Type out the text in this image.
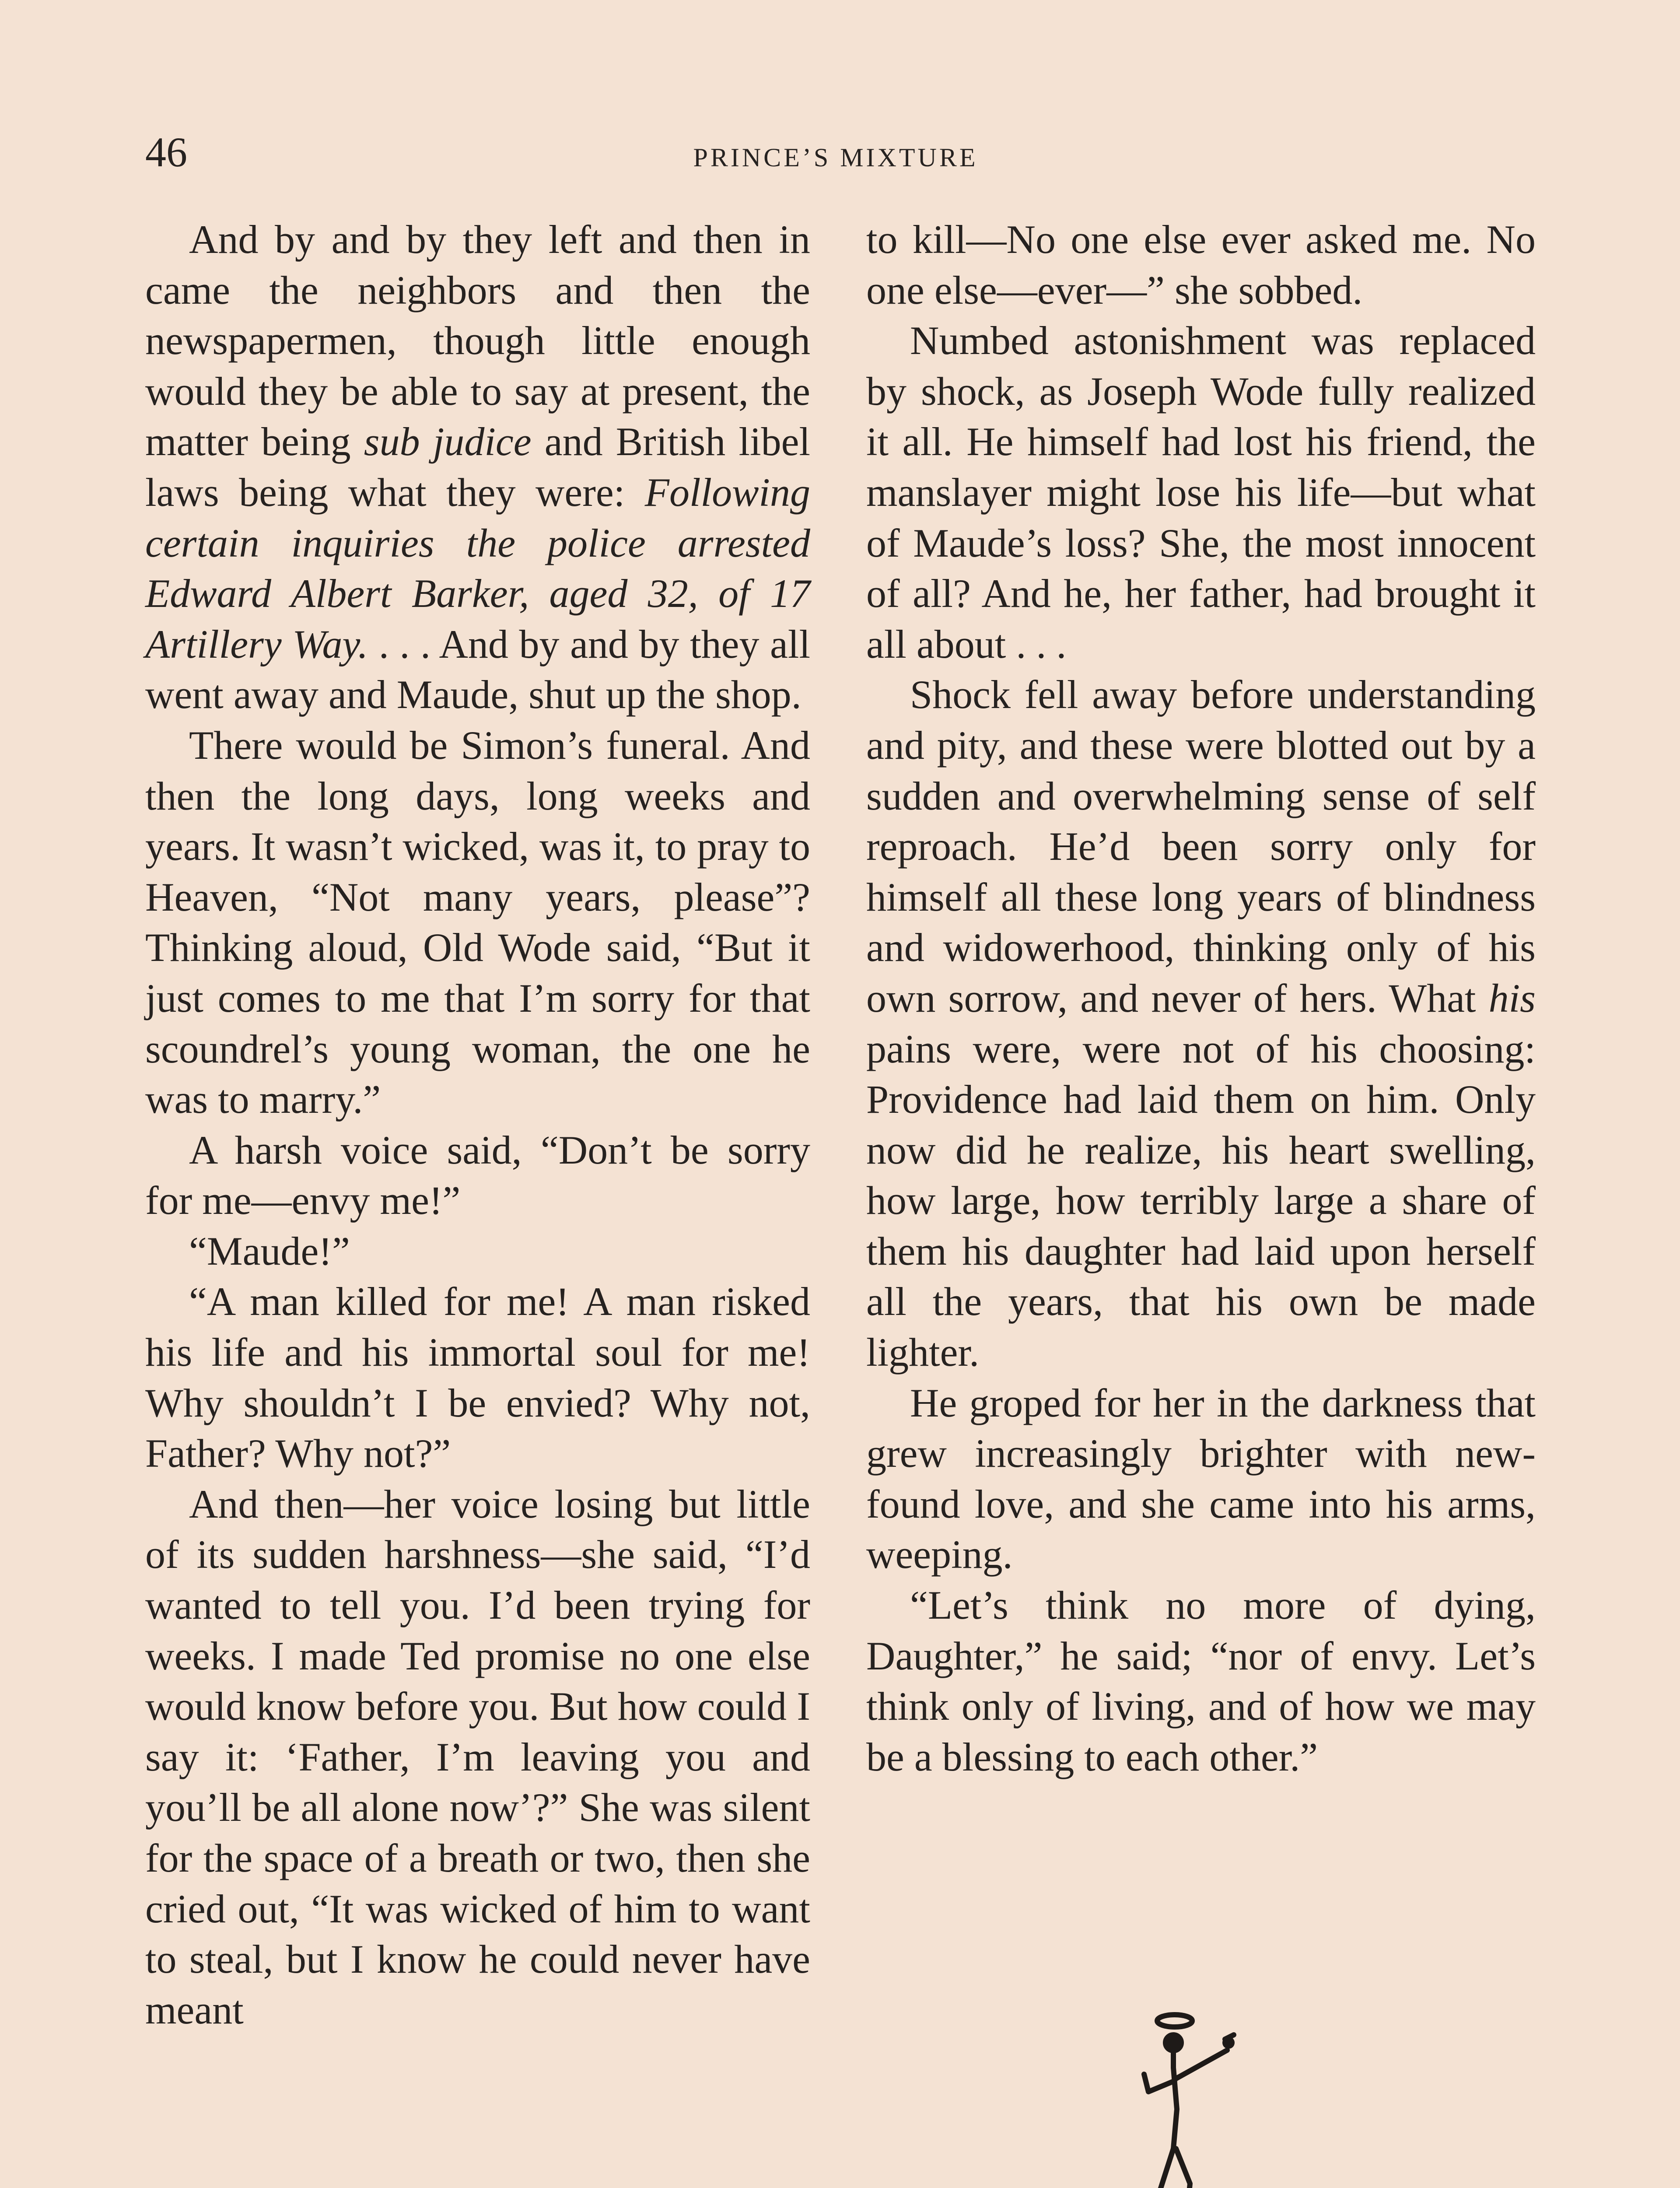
46	PRINCE’S MIXTURE

And by and by they left and then in came the neighbors and then the newspapermen, though little enough would they be able to say at present, the matter being sub judice and British libel laws being what they were: Following certain inquiries the police arrested Edward Albert Barker, aged 32, of 17 Artillery Way. . . . And by and by they all went away and Maude, shut up the shop.

There would be Simon’s funeral. And then the long days, long weeks and years. It wasn’t wicked, was it, to pray to Heaven, “Not many years, please”? Thinking aloud, Old Wode said, “But it just comes to me that I’m sorry for that scoundrel’s young woman, the one he was to marry.”

A harsh voice said, “Don’t be sorry for me—envy me!”

“Maude!”

“A man killed for me! A man risked his life and his immortal soul for me! Why shouldn’t I be envied? Why not, Father? Why not?”

And then—her voice losing but little of its sudden harshness—she said, “I’d wanted to tell you. I’d been trying for weeks. I made Ted promise no one else would know before you. But how could I say it: ‘Father, I’m leaving you and you’ll be all alone now’?” She was silent for the space of a breath or two, then she cried out, “It was wicked of him to want to steal, but I know he could never have meant

to kill—No one else ever asked me. No one else—ever—” she sobbed.

Numbed astonishment was replaced by shock, as Joseph Wode fully realized it all. He himself had lost his friend, the manslayer might lose his life—but what of Maude’s loss? She, the most innocent of all? And he, her father, had brought it all about . . .

Shock fell away before understanding and pity, and these were blotted out by a sudden and overwhelming sense of self reproach. He’d been sorry only for himself all these long years of blindness and widowerhood, thinking only of his own sorrow, and never of hers. What his pains were, were not of his choosing: Providence had laid them on him. Only now did he realize, his heart swelling, how large, how terribly large a share of them his daughter had laid upon herself all the years, that his own be made lighter.

He groped for her in the darkness that grew increasingly brighter with new-found love, and she came into his arms, weeping.

“Let’s think no more of dying, Daughter,” he said; “nor of envy. Let’s think only of living, and of how we may be a blessing to each other.”
